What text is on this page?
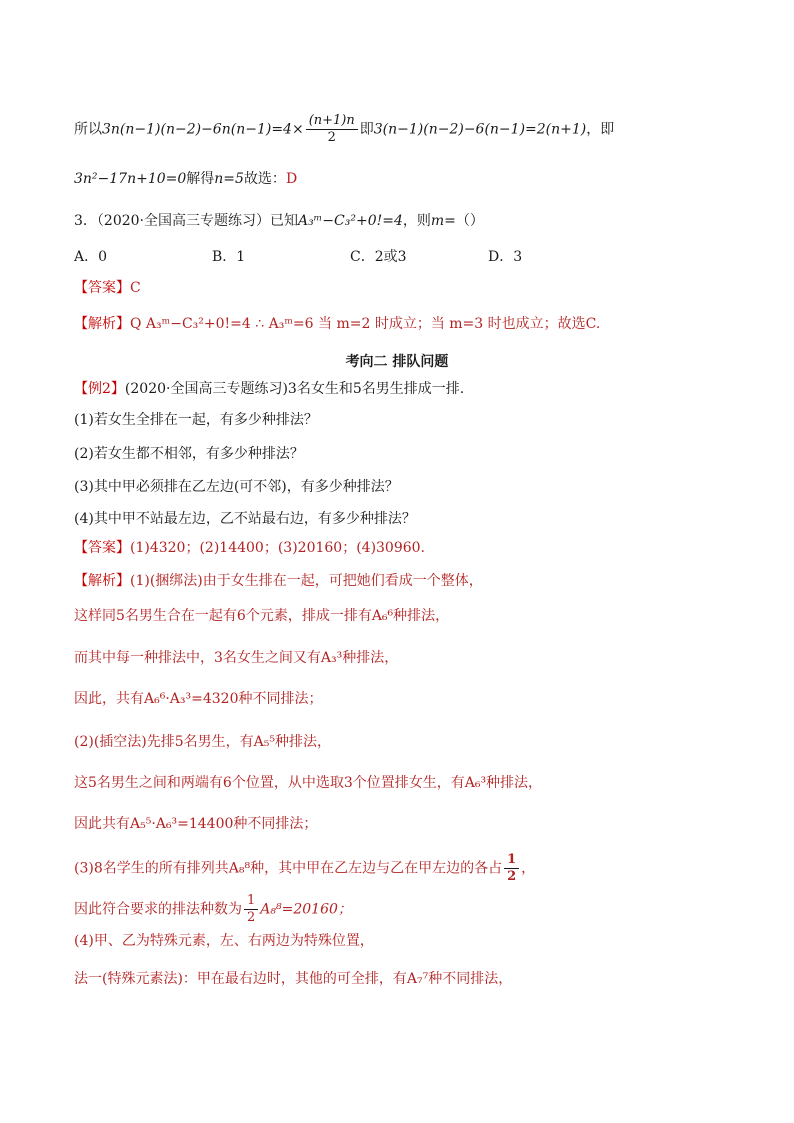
所以$3n(n-1)(n-2)-6n(n-1)=4\times \frac{(n+1)n}{2}$ 即3(n−1)(n−2)−6(n−1)=2(n+1)，即
3n²−17n+10=0解得n=5故选：D
3．（2020·全国高三专题练习）已知A₃ᵐ−C₃²+0!=4，则m=（）
A．0	B．1	C．2或3	D．3
【答案】C
【解析】Q A₃ᵐ−C₃²+0!=4 ∴ A₃ᵐ=6 当 m=2 时成立；当 m=3 时也成立；故选C.
考向二 排队问题
【例2】(2020·全国高三专题练习)3名女生和5名男生排成一排.
(1)若女生全排在一起，有多少种排法？
(2)若女生都不相邻，有多少种排法？
(3)其中甲必须排在乙左边(可不邻)，有多少种排法？
(4)其中甲不站最左边，乙不站最右边，有多少种排法？
【答案】(1)4320；(2)14400；(3)20160；(4)30960.
【解析】(1)(捆绑法)由于女生排在一起，可把她们看成一个整体，
这样同5名男生合在一起有6个元素，排成一排有A₆⁶种排法，
而其中每一种排法中，3名女生之间又有A₃³种排法，
因此，共有A₆⁶·A₃³=4320种不同排法；
(2)(插空法)先排5名男生，有A₅⁵种排法，
这5名男生之间和两端有6个位置，从中选取3个位置排女生，有A₆³种排法，
因此共有A₅⁵·A₆³=14400种不同排法；
(3)8名学生的所有排列共A₈⁸种，其中甲在乙左边与乙在甲左边的各占 $\frac{1}{2}$ ，
因此符合要求的排法种数为 $\frac{1}{2} A_8^8=20160$；
(4)甲、乙为特殊元素，左、右两边为特殊位置，
法一(特殊元素法)：甲在最右边时，其他的可全排，有A₇⁷种不同排法，
